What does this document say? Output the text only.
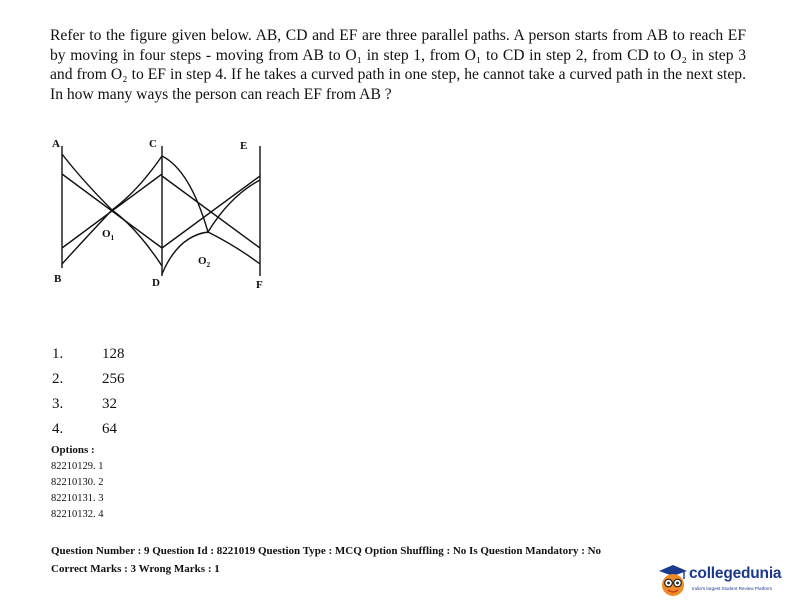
Refer to the figure given below. AB, CD and EF are three parallel paths. A person starts from AB to reach EF by moving in four steps - moving from AB to O₁ in step 1, from O₁ to CD in step 2, from CD to O₂ in step 3 and from O₂ to EF in step 4. If he takes a curved path in one step, he cannot take a curved path in the next step. In how many ways the person can reach EF from AB ?

A
B
C
D
E
F
$O_1$
$O_2$
1.	128
2.	256
3.	32
4.	64
Options :
82210129. 1
82210130. 2
82210131. 3
82210132. 4
Question Number : 9 Question Id : 8221019 Question Type : MCQ Option Shuffling : No Is Question Mandatory : No
Correct Marks : 3 Wrong Marks : 1	collegedunia
India's largest Student Review Platform
